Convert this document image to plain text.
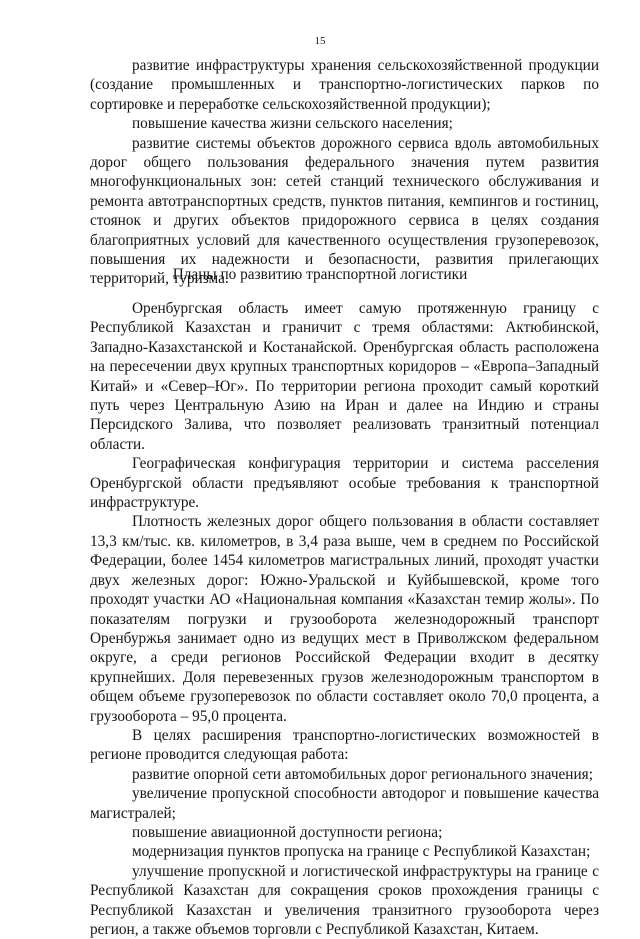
15

развитие инфраструктуры хранения сельскохозяйственной продукции (создание промышленных и транспортно-логистических парков по сортировке и переработке сельскохозяйственной продукции);

повышение качества жизни сельского населения;

развитие системы объектов дорожного сервиса вдоль автомобильных дорог общего пользования федерального значения путем развития многофункциональных зон: сетей станций технического обслуживания и ремонта автотранспортных средств, пунктов питания, кемпингов и гостиниц, стоянок и других объектов придорожного сервиса в целях создания благоприятных условий для качественного осуществления грузоперевозок, повышения их надежности и безопасности, развития прилегающих территорий, туризма.

Планы по развитию транспортной логистики

Оренбургская область имеет самую протяженную границу с Республикой Казахстан и граничит с тремя областями: Актюбинской, Западно-Казахстанской и Костанайской. Оренбургская область расположена на пересечении двух крупных транспортных коридоров – «Европа–Западный Китай» и «Север–Юг». По территории региона проходит самый короткий путь через Центральную Азию на Иран и далее на Индию и страны Персидского Залива, что позволяет реализовать транзитный потенциал области.

Географическая конфигурация территории и система расселения Оренбургской области предъявляют особые требования к транспортной инфраструктуре.

Плотность железных дорог общего пользования в области составляет 13,3 км/тыс. кв. километров, в 3,4 раза выше, чем в среднем по Российской Федерации, более 1454 километров магистральных линий, проходят участки двух железных дорог: Южно-Уральской и Куйбышевской, кроме того проходят участки АО «Национальная компания «Казахстан темир жолы». По показателям погрузки и грузооборота железнодорожный транспорт Оренбуржья занимает одно из ведущих мест в Приволжском федеральном округе, а среди регионов Российской Федерации входит в десятку крупнейших. Доля перевезенных грузов железнодорожным транспортом в общем объеме грузоперевозок по области составляет около 70,0 процента, а грузооборота – 95,0 процента.

В целях расширения транспортно-логистических возможностей в регионе проводится следующая работа:

развитие опорной сети автомобильных дорог регионального значения;

увеличение пропускной способности автодорог и повышение качества магистралей;

повышение авиационной доступности региона;

модернизация пунктов пропуска на границе с Республикой Казахстан;

улучшение пропускной и логистической инфраструктуры на границе с Республикой Казахстан для сокращения сроков прохождения границы с Республикой Казахстан и увеличения транзитного грузооборота через регион, а также объемов торговли с Республикой Казахстан, Китаем.
